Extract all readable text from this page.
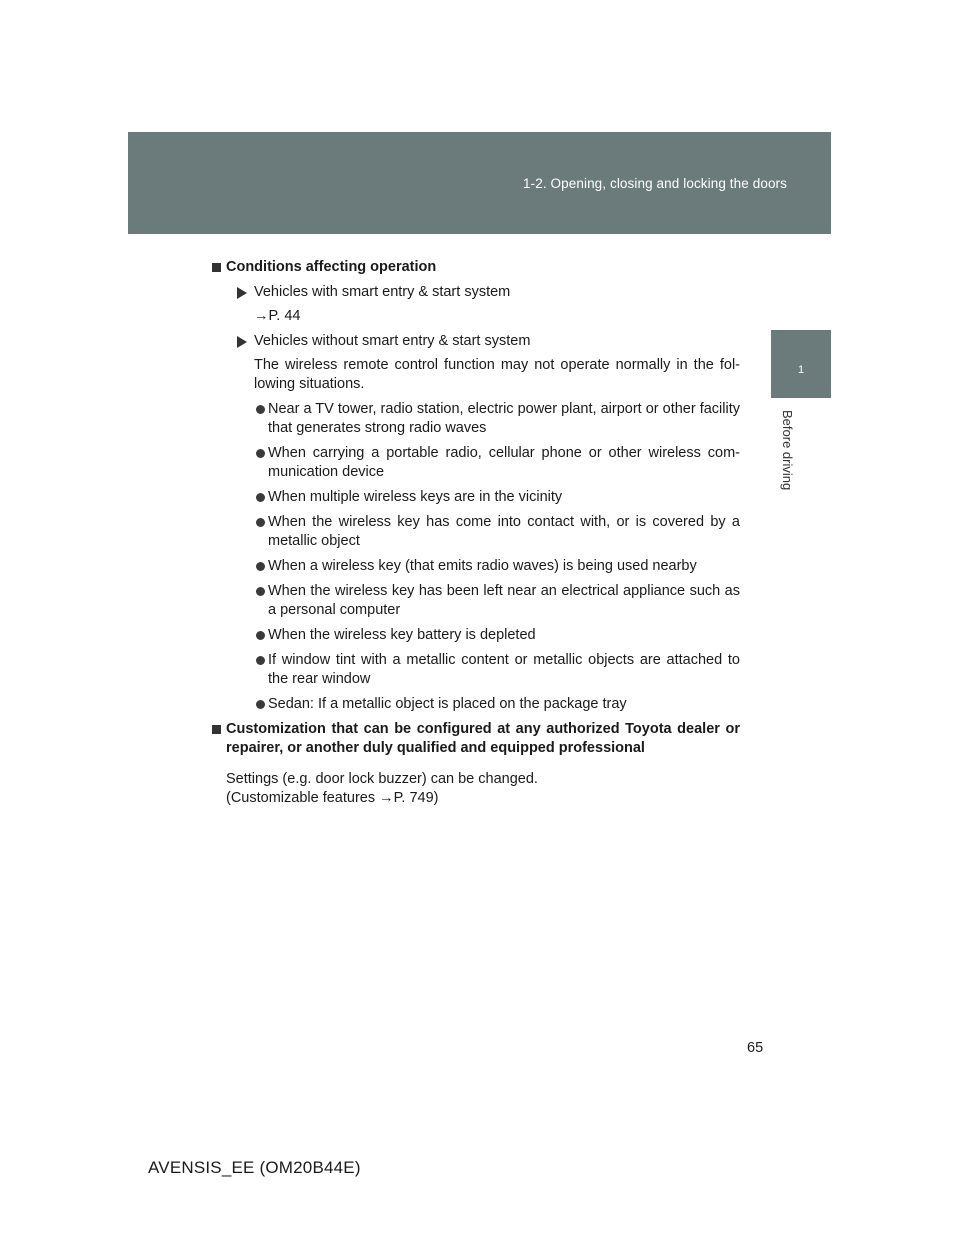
1-2. Opening, closing and locking the doors
1
Before driving
Conditions affecting operation
Vehicles with smart entry & start system
→P. 44
Vehicles without smart entry & start system
The wireless remote control function may not operate normally in the fol-lowing situations.
Near a TV tower, radio station, electric power plant, airport or other facility that generates strong radio waves
When carrying a portable radio, cellular phone or other wireless com-munication device
When multiple wireless keys are in the vicinity
When the wireless key has come into contact with, or is covered by a metallic object
When a wireless key (that emits radio waves) is being used nearby
When the wireless key has been left near an electrical appliance such as a personal computer
When the wireless key battery is depleted
If window tint with a metallic content or metallic objects are attached to the rear window
Sedan: If a metallic object is placed on the package tray
Customization that can be configured at any authorized Toyota dealer or repairer, or another duly qualified and equipped professional
Settings (e.g. door lock buzzer) can be changed.
(Customizable features →P. 749)
65
AVENSIS_EE (OM20B44E)
